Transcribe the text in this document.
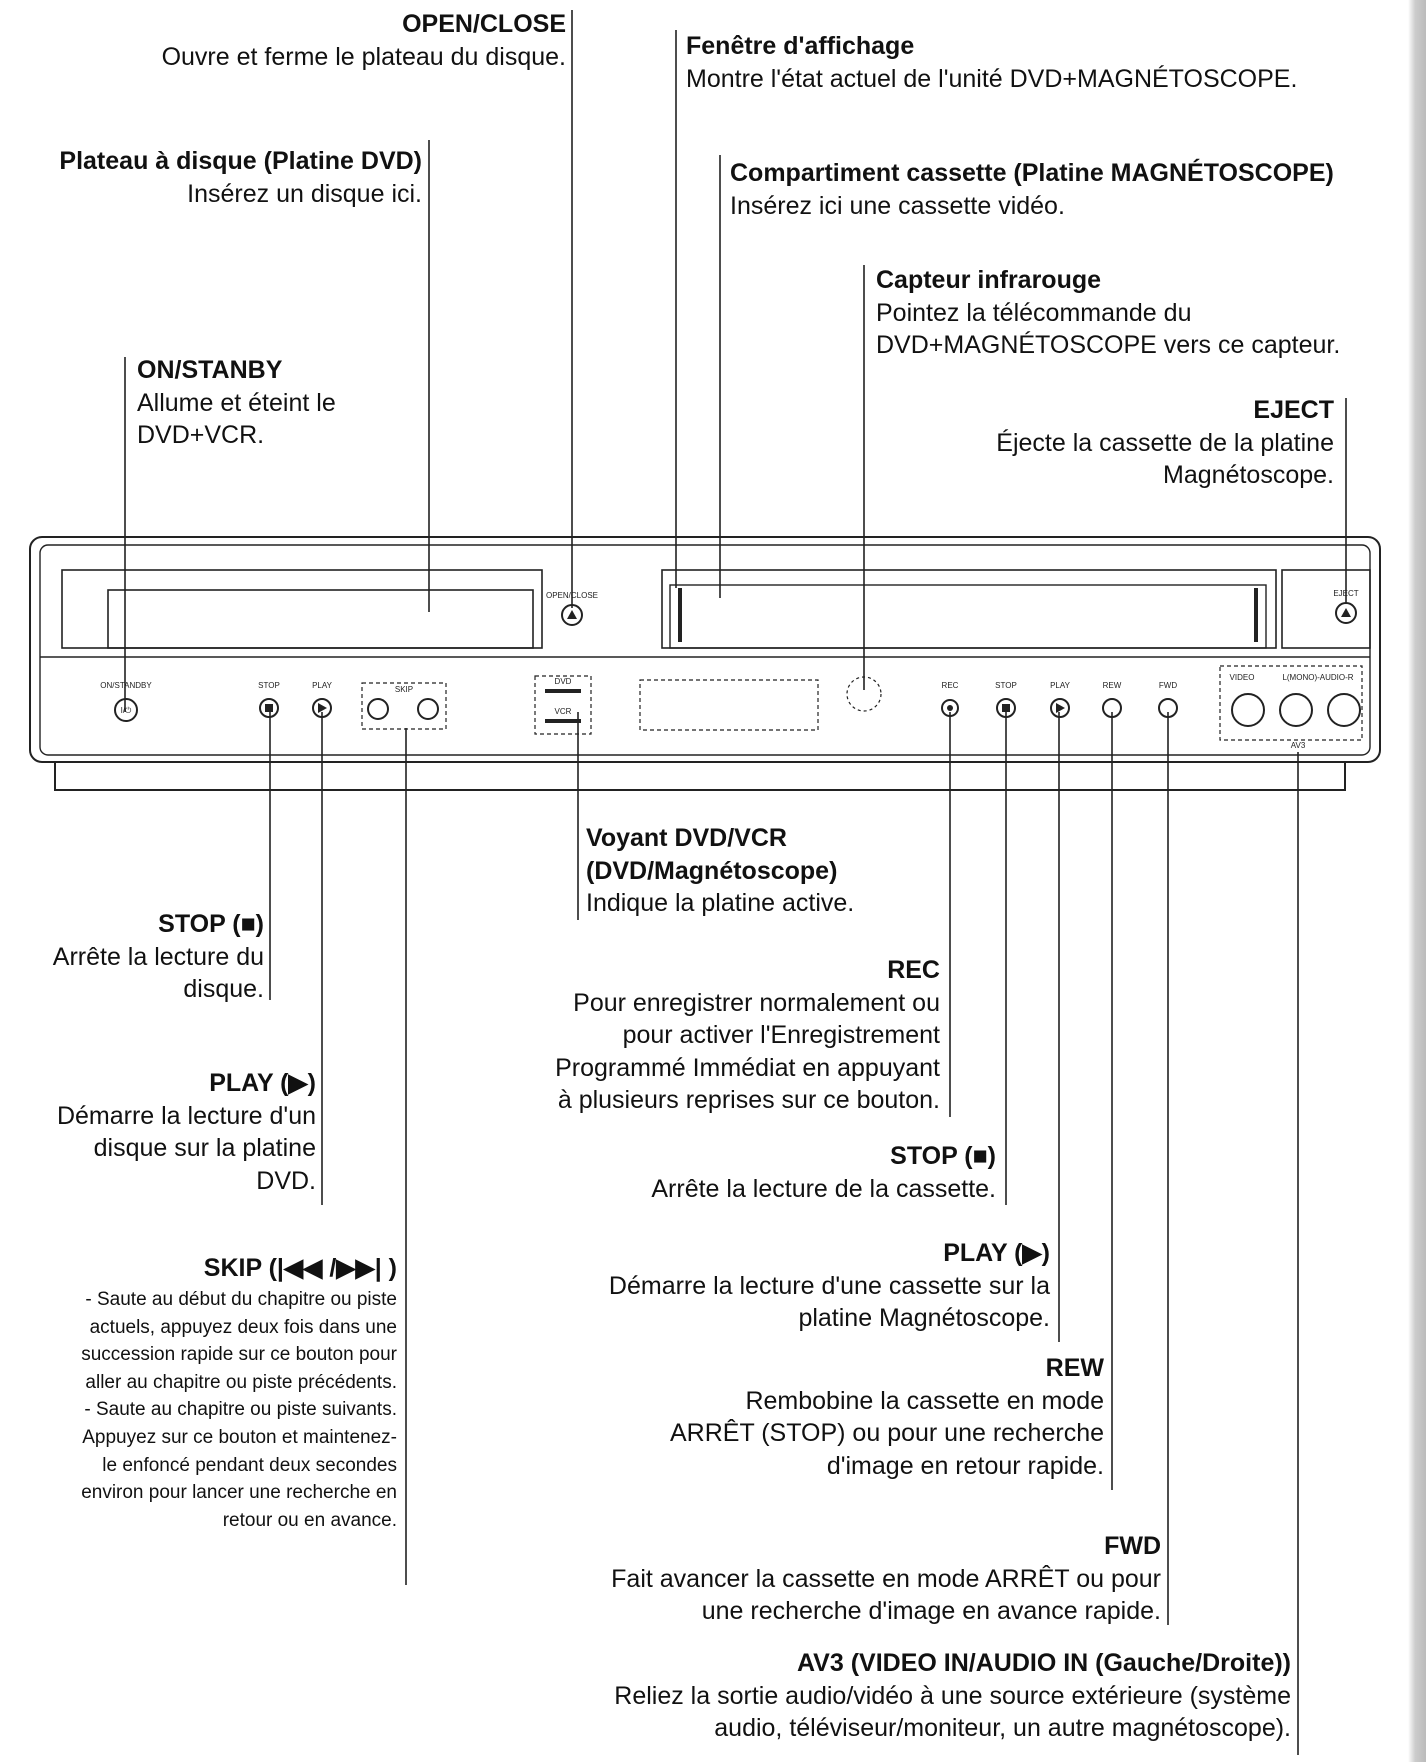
OPEN/CLOSE	EJECT
ON/STANDBY	STOP	PLAY	SKIP
DVD
VCR
REC	STOP	PLAY	REW	FWD
VIDEO	L(MONO)-AUDIO-R
AV3
I/⏻
OPEN/CLOSE
Ouvre et ferme le plateau du disque.	Fenêtre d'affichage
Montre l'état actuel de l'unité DVD+MAGNÉTOSCOPE.
Plateau à disque (Platine DVD)
Insérez un disque ici.
Compartiment cassette (Platine MAGNÉTOSCOPE)
Insérez ici une cassette vidéo.
Capteur infrarouge
Pointez la télécommande du
DVD+MAGNÉTOSCOPE vers ce capteur.
ON/STANBY
Allume et éteint le
DVD+VCR.
EJECT
Éjecte la cassette de la platine
Magnétoscope.
Voyant DVD/VCR
(DVD/Magnétoscope)
Indique la platine active.
STOP (■)
Arrête la lecture du
disque.
REC
Pour enregistrer normalement ou
pour activer l'Enregistrement
Programmé Immédiat en appuyant
à plusieurs reprises sur ce bouton.
PLAY (▶)
Démarre la lecture d'un
disque sur la platine
DVD.
STOP (■)
Arrête la lecture de la cassette.
PLAY (▶)
Démarre la lecture d'une cassette sur la
platine Magnétoscope.
SKIP (|◀◀ /▶▶| )
- Saute au début du chapitre ou piste
actuels, appuyez deux fois dans une
succession rapide sur ce bouton pour
aller au chapitre ou piste précédents.
- Saute au chapitre ou piste suivants.
Appuyez sur ce bouton et maintenez-
le enfoncé pendant deux secondes
environ pour lancer une recherche en
retour ou en avance.
REW
Rembobine la cassette en mode
ARRÊT (STOP) ou pour une recherche
d'image en retour rapide.
FWD
Fait avancer la cassette en mode ARRÊT ou pour
une recherche d'image en avance rapide.
AV3 (VIDEO IN/AUDIO IN (Gauche/Droite))
Reliez la sortie audio/vidéo à une source extérieure (système
audio, téléviseur/moniteur, un autre magnétoscope).
